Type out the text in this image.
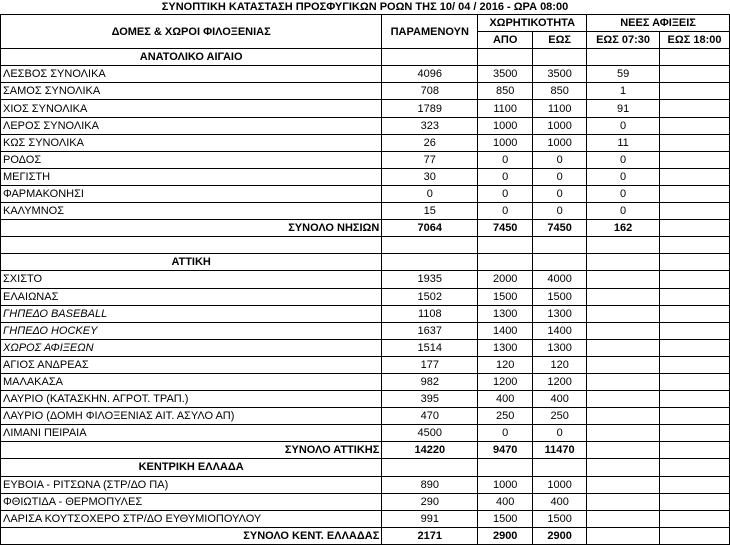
ΣΥΝΟΠΤΙΚΗ ΚΑΤΑΣΤΑΣΗ ΠΡΟΣΦΥΓΙΚΩΝ ΡΟΩΝ ΤΗΣ 10/ 04 / 2016 - ΩΡΑ 08:00
ΔΟΜΕΣ & ΧΩΡΟΙ ΦΙΛΟΞΕΝΙΑΣ	ΠΑΡΑΜΕΝΟΥΝ	ΧΩΡΗΤΙΚΟΤΗΤΑ		ΝΕΕΣ ΑΦΙΞΕΙΣ	
		ΑΠΟ	ΕΩΣ	ΕΩΣ 07:30	ΕΩΣ 18:00
ΑΝΑΤΟΛΙΚΟ ΑΙΓΑΙΟ					
ΛΕΣΒΟΣ ΣΥΝΟΛΙΚΑ	4096	3500	3500	59	
ΣΑΜΟΣ ΣΥΝΟΛΙΚΑ	708	850	850	1	
ΧΙΟΣ ΣΥΝΟΛΙΚΑ	1789	1100	1100	91	
ΛΕΡΟΣ ΣΥΝΟΛΙΚΑ	323	1000	1000	0	
ΚΩΣ ΣΥΝΟΛΙΚΑ	26	1000	1000	11	
ΡΟΔΟΣ	77	0	0	0	
ΜΕΓΙΣΤΗ	30	0	0	0	
ΦΑΡΜΑΚΟΝΗΣΙ	0	0	0	0	
ΚΑΛΥΜΝΟΣ	15	0	0	0	
ΣΥΝΟΛΟ ΝΗΣΙΩΝ	7064	7450	7450	162	

ΑΤΤΙΚΗ					
ΣΧΙΣΤΟ	1935	2000	4000		
ΕΛΑΙΩΝΑΣ	1502	1500	1500		
ΓΗΠΕΔΟ BASEBALL	1108	1300	1300		
ΓΗΠΕΔΟ HOCKEY	1637	1400	1400		
ΧΩΡΟΣ ΑΦΙΞΕΩΝ	1514	1300	1300		
ΑΓΙΟΣ ΑΝΔΡΕΑΣ	177	120	120		
ΜΑΛΑΚΑΣΑ	982	1200	1200		
ΛΑΥΡΙΟ (ΚΑΤΑΣΚΗΝ. ΑΓΡΟΤ. ΤΡΑΠ.)	395	400	400		
ΛΑΥΡΙΟ (ΔΟΜΗ ΦΙΛΟΞΕΝΙΑΣ ΑΙΤ. ΑΣΥΛΟ ΑΠ)	470	250	250		
ΛΙΜΑΝΙ ΠΕΙΡΑΙΑ	4500	0	0		
ΣΥΝΟΛΟ ΑΤΤΙΚΗΣ	14220	9470	11470		
ΚΕΝΤΡΙΚΗ ΕΛΛΑΔΑ					
ΕΥΒΟΙΑ - ΡΙΤΣΩΝΑ (ΣΤΡ/ΔΟ ΠΑ)	890	1000	1000		
ΦΘΙΩΤΙΔΑ - ΘΕΡΜΟΠΥΛΕΣ	290	400	400		
ΛΑΡΙΣΑ ΚΟΥΤΣΟΧΕΡΟ ΣΤΡ/ΔΟ ΕΥΘΥΜΙΟΠΟΥΛΟΥ	991	1500	1500		
ΣΥΝΟΛΟ ΚΕΝΤ. ΕΛΛΑΔΑΣ	2171	2900	2900		
